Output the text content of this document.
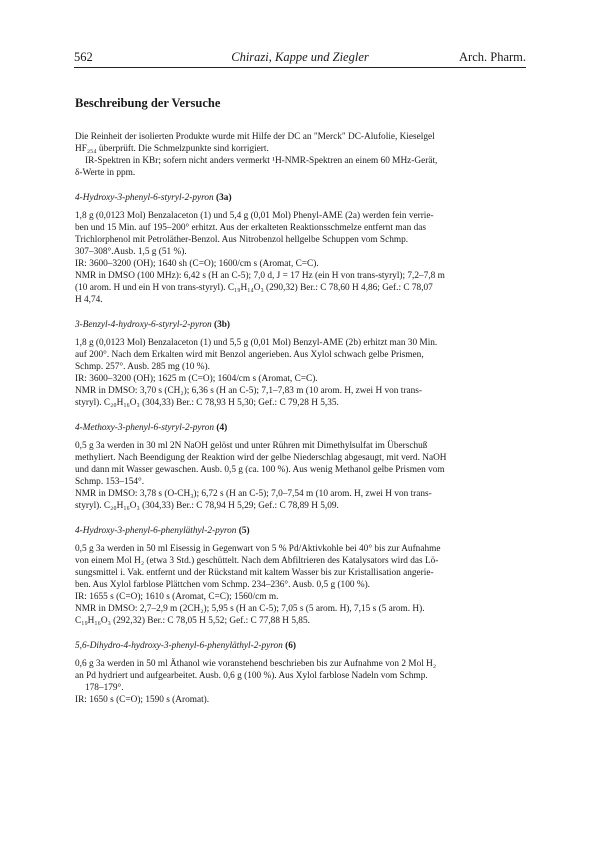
562	Chirazi, Kappe und Ziegler	Arch. Pharm.
Beschreibung der Versuche
Die Reinheit der isolierten Produkte wurde mit Hilfe der DC an "Merck" DC-Alufolie, Kieselgel
HF₂₅₄ überprüft. Die Schmelzpunkte sind korrigiert.
IR-Spektren in KBr; sofern nicht anders vermerkt ¹H-NMR-Spektren an einem 60 MHz-Gerät,
δ-Werte in ppm.

4-Hydroxy-3-phenyl-6-styryl-2-pyron (3a)

1,8 g (0,0123 Mol) Benzalaceton (1) und 5,4 g (0,01 Mol) Phenyl-AME (2a) werden fein verrie-
ben und 15 Min. auf 195–200° erhitzt. Aus der erkalteten Reaktionsschmelze entfernt man das
Trichlorphenol mit Petroläther-Benzol. Aus Nitrobenzol hellgelbe Schuppen vom Schmp.
307–308°.Ausb. 1,5 g (51 %).
IR: 3600–3200 (OH); 1640 sh (C=O); 1600/cm s (Aromat, C=C).
NMR in DMSO (100 MHz): 6,42 s (H an C-5); 7,0 d, J = 17 Hz (ein H von trans-styryl); 7,2–7,8 m
(10 arom. H und ein H von trans-styryl). C₁₉H₁₄O₃ (290,32) Ber.: C 78,60 H 4,86; Gef.: C 78,07
H 4,74.

3-Benzyl-4-hydroxy-6-styryl-2-pyron (3b)

1,8 g (0,0123 Mol) Benzalaceton (1) und 5,5 g (0,01 Mol) Benzyl-AME (2b) erhitzt man 30 Min.
auf 200°. Nach dem Erkalten wird mit Benzol angerieben. Aus Xylol schwach gelbe Prismen,
Schmp. 257°. Ausb. 285 mg (10 %).
IR: 3600–3200 (OH); 1625 m (C=O); 1604/cm s (Aromat, C=C).
NMR in DMSO: 3,70 s (CH₂); 6,36 s (H an C-5); 7,1–7,83 m (10 arom. H, zwei H von trans-
styryl). C₂₀H₁₆O₃ (304,33) Ber.: C 78,93 H 5,30; Gef.: C 79,28 H 5,35.

4-Methoxy-3-phenyl-6-styryl-2-pyron (4)

0,5 g 3a werden in 30 ml 2N NaOH gelöst und unter Rühren mit Dimethylsulfat im Überschuß
methyliert. Nach Beendigung der Reaktion wird der gelbe Niederschlag abgesaugt, mit verd. NaOH
und dann mit Wasser gewaschen. Ausb. 0,5 g (ca. 100 %). Aus wenig Methanol gelbe Prismen vom
Schmp. 153–154°.
NMR in DMSO: 3,78 s (O-CH₃); 6,72 s (H an C-5); 7,0–7,54 m (10 arom. H, zwei H von trans-
styryl). C₂₀H₁₆O₃ (304,33) Ber.: C 78,94 H 5,29; Gef.: C 78,89 H 5,09.

4-Hydroxy-3-phenyl-6-phenyläthyl-2-pyron (5)

0,5 g 3a werden in 50 ml Eisessig in Gegenwart von 5 % Pd/Aktivkohle bei 40° bis zur Aufnahme
von einem Mol H₂ (etwa 3 Std.) geschüttelt. Nach dem Abfiltrieren des Katalysators wird das Lö-
sungsmittel i. Vak. entfernt und der Rückstand mit kaltem Wasser bis zur Kristallisation angerie-
ben. Aus Xylol farblose Plättchen vom Schmp. 234–236°. Ausb. 0,5 g (100 %).
IR: 1655 s (C=O); 1610 s (Aromat, C=C); 1560/cm m.
NMR in DMSO: 2,7–2,9 m (2CH₂); 5,95 s (H an C-5); 7,05 s (5 arom. H), 7,15 s (5 arom. H).
C₁₉H₁₆O₃ (292,32) Ber.: C 78,05 H 5,52; Gef.: C 77,88 H 5,85.

5,6-Dihydro-4-hydroxy-3-phenyl-6-phenyläthyl-2-pyron (6)

0,6 g 3a werden in 50 ml Äthanol wie voranstehend beschrieben bis zur Aufnahme von 2 Mol H₂
an Pd hydriert und aufgearbeitet. Ausb. 0,6 g (100 %). Aus Xylol farblose Nadeln vom Schmp.
178–179°.
IR: 1650 s (C=O); 1590 s (Aromat).
